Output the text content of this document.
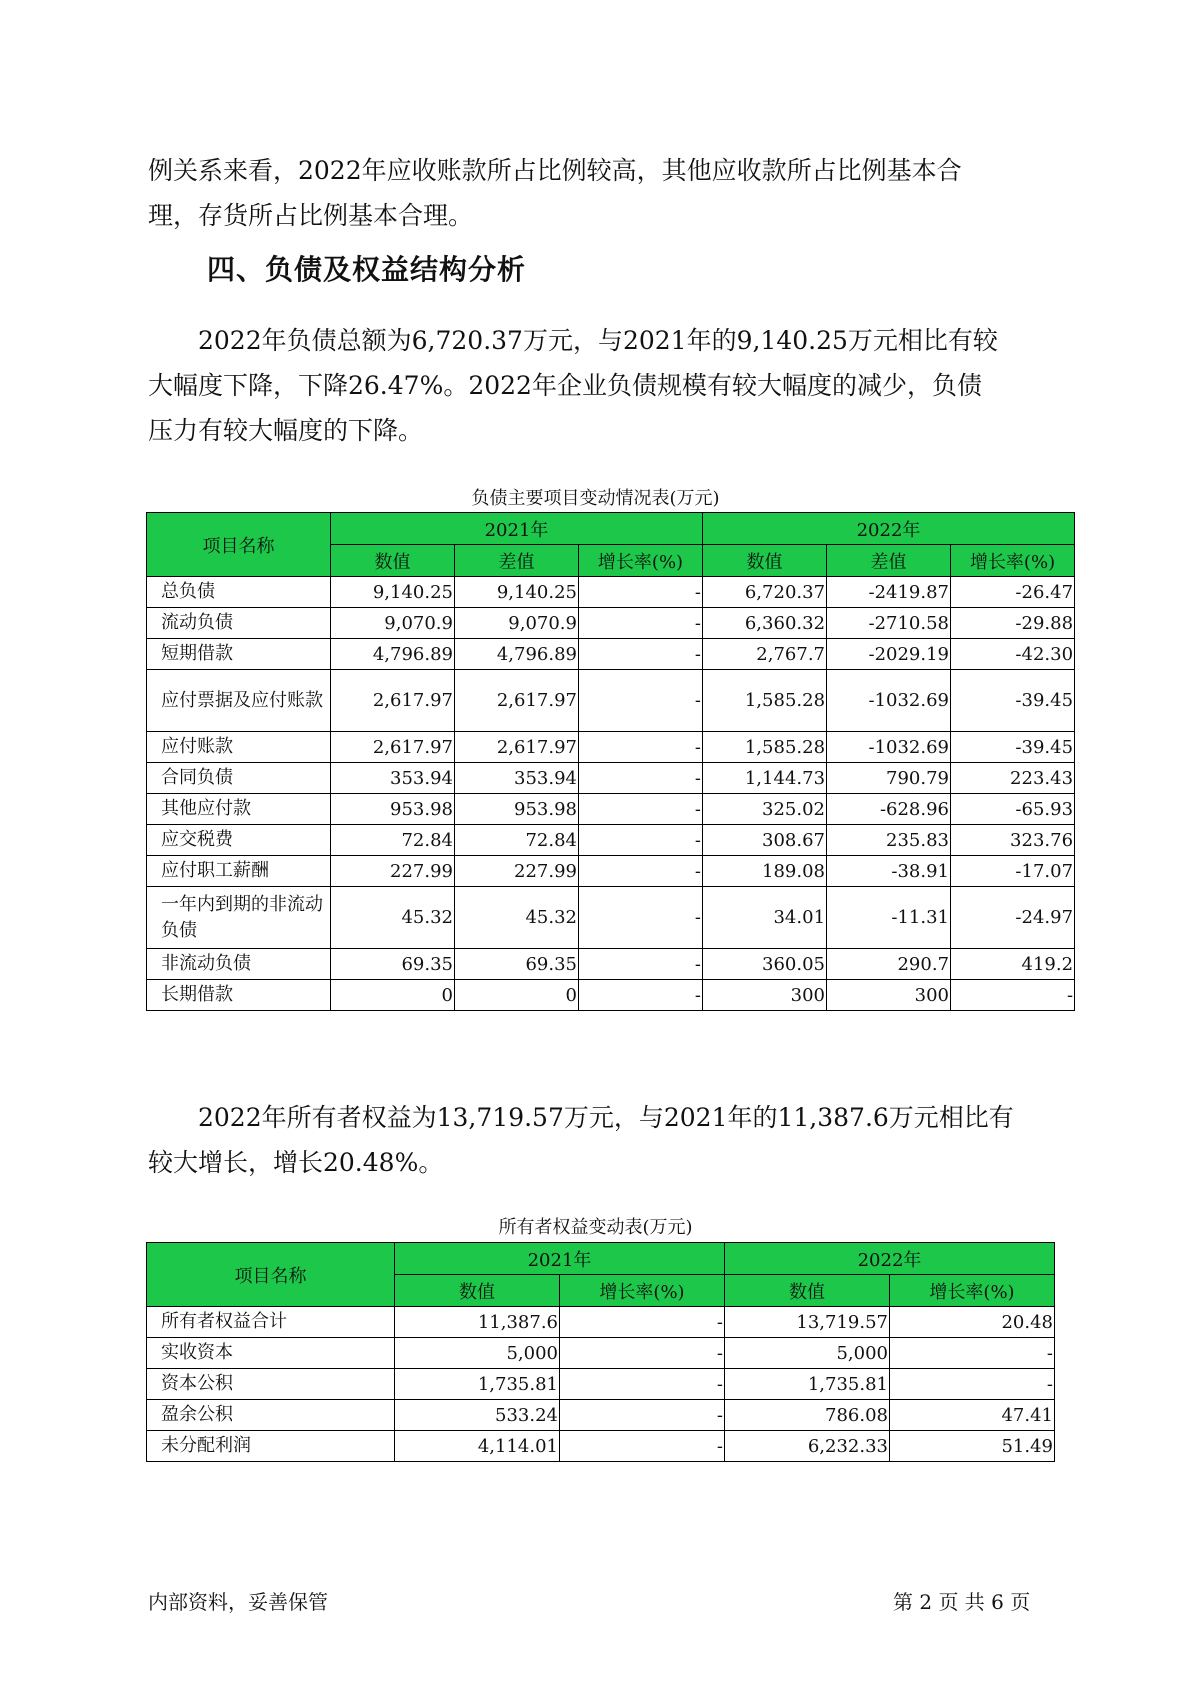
例关系来看，2022年应收账款所占比例较高，其他应收款所占比例基本合
理，存货所占比例基本合理。
四、负债及权益结构分析
2022年负债总额为6,720.37万元，与2021年的9,140.25万元相比有较
大幅度下降，下降26.47%。2022年企业负债规模有较大幅度的减少，负债
压力有较大幅度的下降。
负债主要项目变动情况表(万元)
项目名称	2021年			2022年		
	数值	差值	增长率(%)	数值	差值	增长率(%)
总负债	9,140.25	9,140.25	-	6,720.37	-2419.87	-26.47
流动负债	9,070.9	9,070.9	-	6,360.32	-2710.58	-29.88
短期借款	4,796.89	4,796.89	-	2,767.7	-2029.19	-42.30
应付票据及应付账款	2,617.97	2,617.97	-	1,585.28	-1032.69	-39.45
应付账款	2,617.97	2,617.97	-	1,585.28	-1032.69	-39.45
合同负债	353.94	353.94	-	1,144.73	790.79	223.43
其他应付款	953.98	953.98	-	325.02	-628.96	-65.93
应交税费	72.84	72.84	-	308.67	235.83	323.76
应付职工薪酬	227.99	227.99	-	189.08	-38.91	-17.07
一年内到期的非流动负债	45.32	45.32	-	34.01	-11.31	-24.97
非流动负债	69.35	69.35	-	360.05	290.7	419.2
长期借款	0	0	-	300	300	-
2022年所有者权益为13,719.57万元，与2021年的11,387.6万元相比有
较大增长，增长20.48%。
所有者权益变动表(万元)
项目名称	2021年		2022年	
	数值	增长率(%)	数值	增长率(%)
所有者权益合计	11,387.6	-	13,719.57	20.48
实收资本	5,000	-	5,000	-
资本公积	1,735.81	-	1,735.81	-
盈余公积	533.24	-	786.08	47.41
未分配利润	4,114.01	-	6,232.33	51.49
内部资料，妥善保管	第 2 页 共 6 页
